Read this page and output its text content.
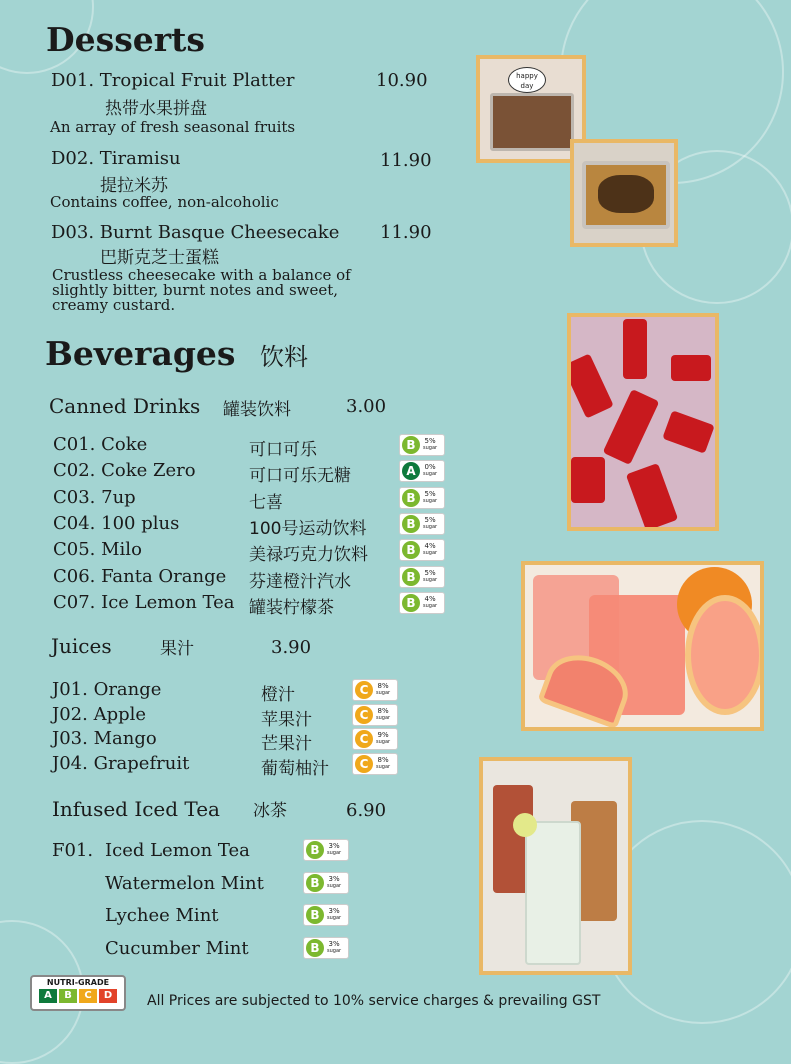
Desserts
D01. Tropical Fruit Platter	10.90
热带水果拼盘
An array of fresh seasonal fruits
D02. Tiramisu	11.90
提拉米苏
Contains coffee, non-alcoholic
D03. Burnt Basque Cheesecake 11.90
巴斯克芝士蛋糕
Crustless cheesecake with a balance of slightly bitter, burnt notes and sweet, creamy custard.
happy day
Beverages 饮料
Canned Drinks 罐装饮料	3.00
C01. Coke	可口可乐	B	5%
sugar
C02. Coke Zero	可口可乐无糖	A	0%
sugar
C03. 7up	七喜	B	5%
sugar
C04. 100 plus	100号运动饮料	B	5%
sugar
C05. Milo	美禄巧克力饮料	B	4%
sugar
C06. Fanta Orange 芬達橙汁汽水	B	5%
sugar
C07. Ice Lemon Tea 罐装柠檬茶	B	4%
sugar
Juices	果汁	3.90
J01. Orange	橙汁	C	8%
sugar
J02. Apple	苹果汁	C	8%
sugar
J03. Mango	芒果汁	C	9%
sugar
J04. Grapefruit	葡萄柚汁	C	8%
sugar
Infused Iced Tea 冰茶	6.90
F01. Iced Lemon Tea	B	3%
sugar
Watermelon Mint	B	3%
sugar
Lychee Mint	B	3%
sugar
Cucumber Mint	B	3%
sugar
NUTRI-GRADE
A	B	C	D	All Prices are subjected to 10% service charges & prevailing GST
